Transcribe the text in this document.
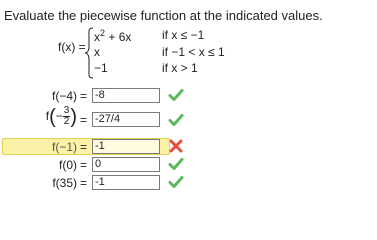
Evaluate the piecewise function at the indicated values.
f(x) =
$x^2 + 6x$	if x ≤ −1
x	if −1 < x ≤ 1
−1	if x > 1
f(−4) = -8
$f(- \frac{3}{2}$ ) = -27/4
f(−1) = -1
f(0) = 0
f(35) = -1
